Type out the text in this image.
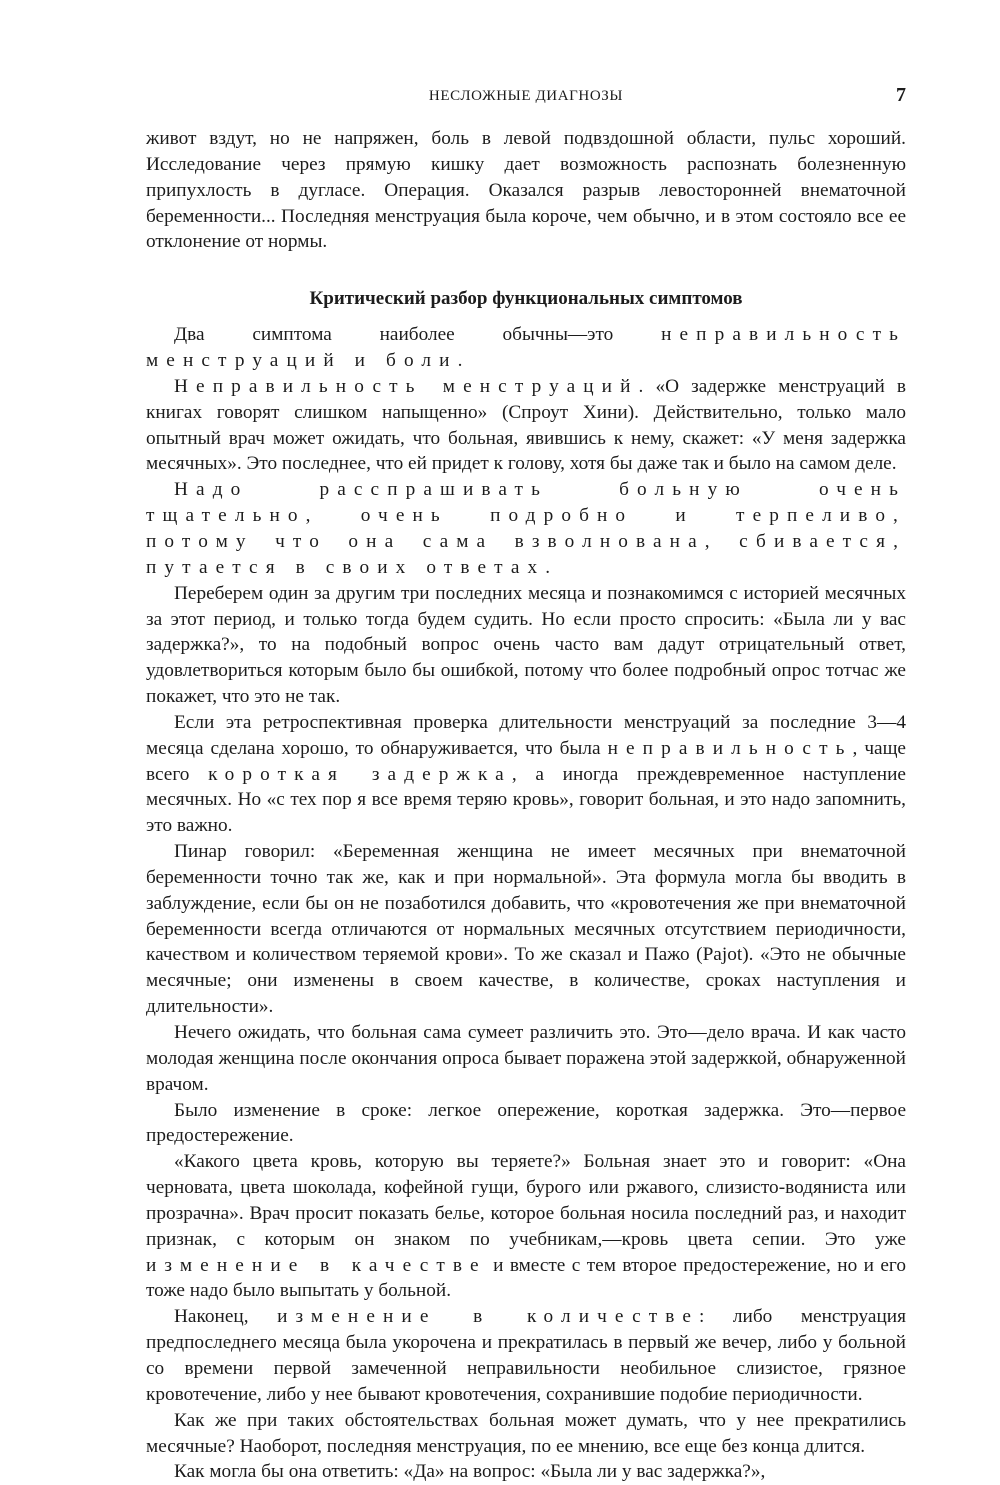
НЕСЛОЖНЫЕ ДИАГНОЗЫ	7

живот вздут, но не напряжен, боль в левой подвздошной области, пульс хороший. Исследование через прямую кишку дает возможность распознать болезненную припухлость в дугласе. Операция. Оказался разрыв левосторонней внематочной беременности... Последняя менструация была короче, чем обычно, и в этом состояло все ее отклонение от нормы.

Критический разбор функциональных симптомов

Два симптома наиболее обычны—это неправильность менструаций и боли.

Неправильность менструаций. «О задержке менструаций в книгах говорят слишком напыщенно» (Спроут Хини). Действительно, только мало опытный врач может ожидать, что больная, явившись к нему, скажет: «У меня задержка месячных». Это последнее, что ей придет к голову, хотя бы даже так и было на самом деле.

Надо расспрашивать больную очень тщательно, очень подробно и терпеливо, потому что она сама взволнована, сбивается, путается в своих ответах.

Переберем один за другим три последних месяца и познакомимся с историей месячных за этот период, и только тогда будем судить. Но если просто спросить: «Была ли у вас задержка?», то на подобный вопрос очень часто вам дадут отрицательный ответ, удовлетвориться которым было бы ошибкой, потому что более подробный опрос тотчас же покажет, что это не так.

Если эта ретроспективная проверка длительности менструаций за последние 3—4 месяца сделана хорошо, то обнаруживается, что была неправильность, чаще всего короткая задержка, а иногда преждевременное наступление месячных. Но «с тех пор я все время теряю кровь», говорит больная, и это надо запомнить, это важно.

Пинар говорил: «Беременная женщина не имеет месячных при внематочной беременности точно так же, как и при нормальной». Эта формула могла бы вводить в заблуждение, если бы он не позаботился добавить, что «кровотечения же при внематочной беременности всегда отличаются от нормальных месячных отсутствием периодичности, качеством и количеством теряемой крови». То же сказал и Пажо (Pajot). «Это не обычные месячные; они изменены в своем качестве, в количестве, сроках наступления и длительности».

Нечего ожидать, что больная сама сумеет различить это. Это—дело врача. И как часто молодая женщина после окончания опроса бывает поражена этой задержкой, обнаруженной врачом.

Было изменение в сроке: легкое опережение, короткая задержка. Это—первое предостережение.

«Какого цвета кровь, которую вы теряете?» Больная знает это и говорит: «Она черновата, цвета шоколада, кофейной гущи, бурого или ржавого, слизисто-водяниста или прозрачна». Врач просит показать белье, которое больная носила последний раз, и находит признак, с которым он знаком по учебникам,—кровь цвета сепии. Это уже изменение в качестве и вместе с тем второе предостережение, но и его тоже надо было выпытать у больной.

Наконец, изменение в количестве: либо менструация предпоследнего месяца была укорочена и прекратилась в первый же вечер, либо у больной со времени первой замеченной неправильности необильное слизистое, грязное кровотечение, либо у нее бывают кровотечения, сохранившие подобие периодичности.

Как же при таких обстоятельствах больная может думать, что у нее прекратились месячные? Наоборот, последняя менструация, по ее мнению, все еще без конца длится.

Как могла бы она ответить: «Да» на вопрос: «Была ли у вас задержка?»,
